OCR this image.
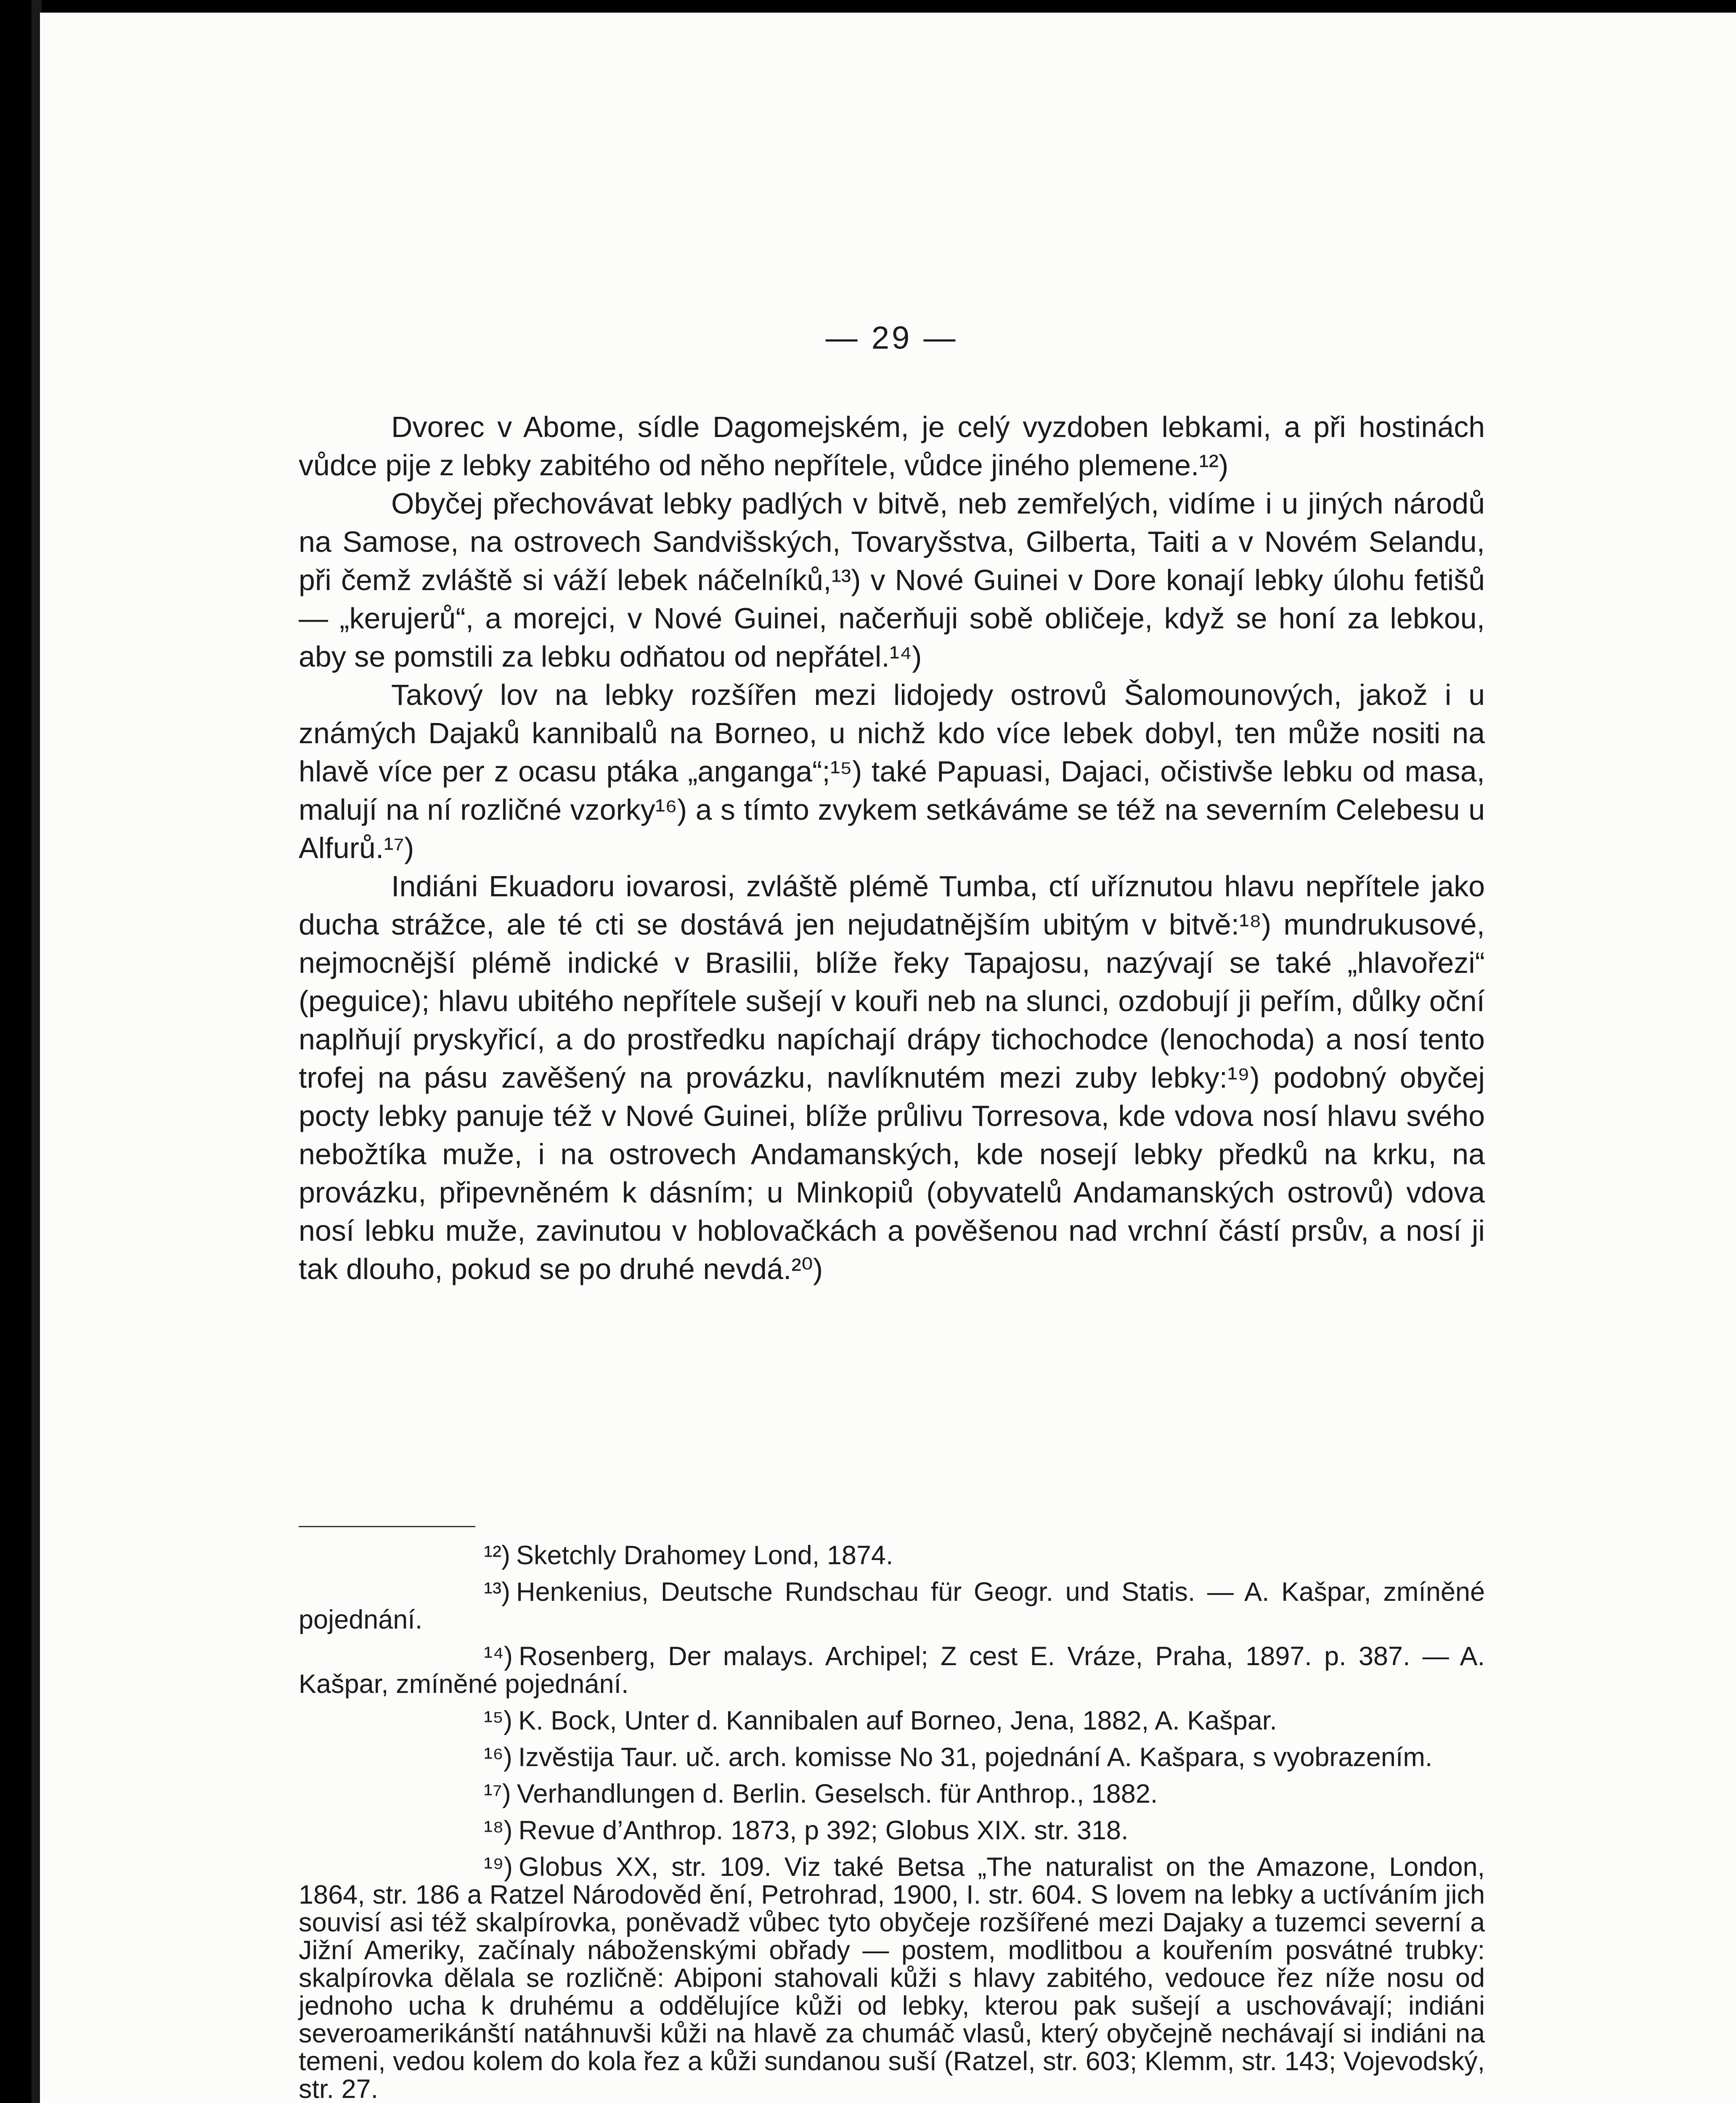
— 29 —

Dvorec v Abome, sídle Dagomejském, je celý vyzdoben lebkami, a při hostinách vůdce pije z lebky zabitého od něho nepřítele, vůdce jiného plemene.¹²)

Obyčej přechovávat lebky padlých v bitvě, neb zemřelých, vidíme i u jiných národů na Samose, na ostrovech Sandvišských, Tovaryšstva, Gilberta, Taiti a v Novém Selandu, při čemž zvláště si váží lebek náčelníků,¹³) v Nové Guinei v Dore konají lebky úlohu fetišů — „kerujerů“, a morejci, v Nové Guinei, načerňuji sobě obličeje, když se honí za lebkou, aby se pomstili za lebku odňatou od nepřátel.¹⁴)

Takový lov na lebky rozšířen mezi lidojedy ostrovů Šalomounových, jakož i u známých Dajaků kannibalů na Borneo, u nichž kdo více lebek dobyl, ten může nositi na hlavě více per z ocasu ptáka „anganga“;¹⁵) také Papuasi, Dajaci, očistivše lebku od masa, malují na ní rozličné vzorky¹⁶) a s tímto zvykem setkáváme se též na severním Celebesu u Alfurů.¹⁷)

Indiáni Ekuadoru iovarosi, zvláště plémě Tumba, ctí uříznutou hlavu nepřítele jako ducha strážce, ale té cti se dostává jen nejudatnějším ubitým v bitvě:¹⁸) mundrukusové, nejmocnější plémě indické v Brasilii, blíže řeky Tapajosu, nazývají se také „hlavořezi“ (peguice); hlavu ubitého nepřítele sušejí v kouři neb na slunci, ozdobují ji peřím, důlky oční naplňují pryskyřicí, a do prostředku napíchají drápy tichochodce (lenochoda) a nosí tento trofej na pásu zavěšený na provázku, navlíknutém mezi zuby lebky:¹⁹) podobný obyčej pocty lebky panuje též v Nové Guinei, blíže průlivu Torresova, kde vdova nosí hlavu svého nebožtíka muže, i na ostrovech Andamanských, kde nosejí lebky předků na krku, na provázku, připevněném k dásním; u Minkopiů (obyvatelů Andamanských ostrovů) vdova nosí lebku muže, zavinutou v hoblovačkách a pověšenou nad vrchní částí prsův, a nosí ji tak dlouho, pokud se po druhé nevdá.²⁰)

¹²) Sketchly Drahomey Lond, 1874.

¹³) Henkenius, Deutsche Rundschau für Geogr. und Statis. — A. Kašpar, zmíněné pojednání.

¹⁴) Rosenberg, Der malays. Archipel; Z cest E. Vráze, Praha, 1897. p. 387. — A. Kašpar, zmíněné pojednání.

¹⁵) K. Bock, Unter d. Kannibalen auf Borneo, Jena, 1882, A. Kašpar.

¹⁶) Izvěstija Taur. uč. arch. komisse No 31, pojednání A. Kašpara, s vyobrazením.

¹⁷) Verhandlungen d. Berlin. Geselsch. für Anthrop., 1882.

¹⁸) Revue d’Anthrop. 1873, p 392; Globus XIX. str. 318.

¹⁹) Globus XX, str. 109. Viz také Betsa „The naturalist on the Amazone, London, 1864, str. 186 a Ratzel Národověd ění, Petrohrad, 1900, I. str. 604. S lovem na lebky a uctíváním jich souvisí asi též skalpírovka, poněvadž vůbec tyto obyčeje rozšířené mezi Dajaky a tuzemci severní a Jižní Ameriky, začínaly náboženskými obřady — postem, modlitbou a kouřením posvátné trubky: skalpírovka dělala se rozličně: Abiponi stahovali kůži s hlavy zabitého, vedouce řez níže nosu od jednoho ucha k druhému a oddělujíce kůži od lebky, kterou pak sušejí a uschovávají; indiáni severoamerikánští natáhnuvši kůži na hlavě za chumáč vlasů, který obyčejně nechávají si indiáni na temeni, vedou kolem do kola řez a kůži sundanou suší (Ratzel, str. 603; Klemm, str. 143; Vojevodský, str. 27.
